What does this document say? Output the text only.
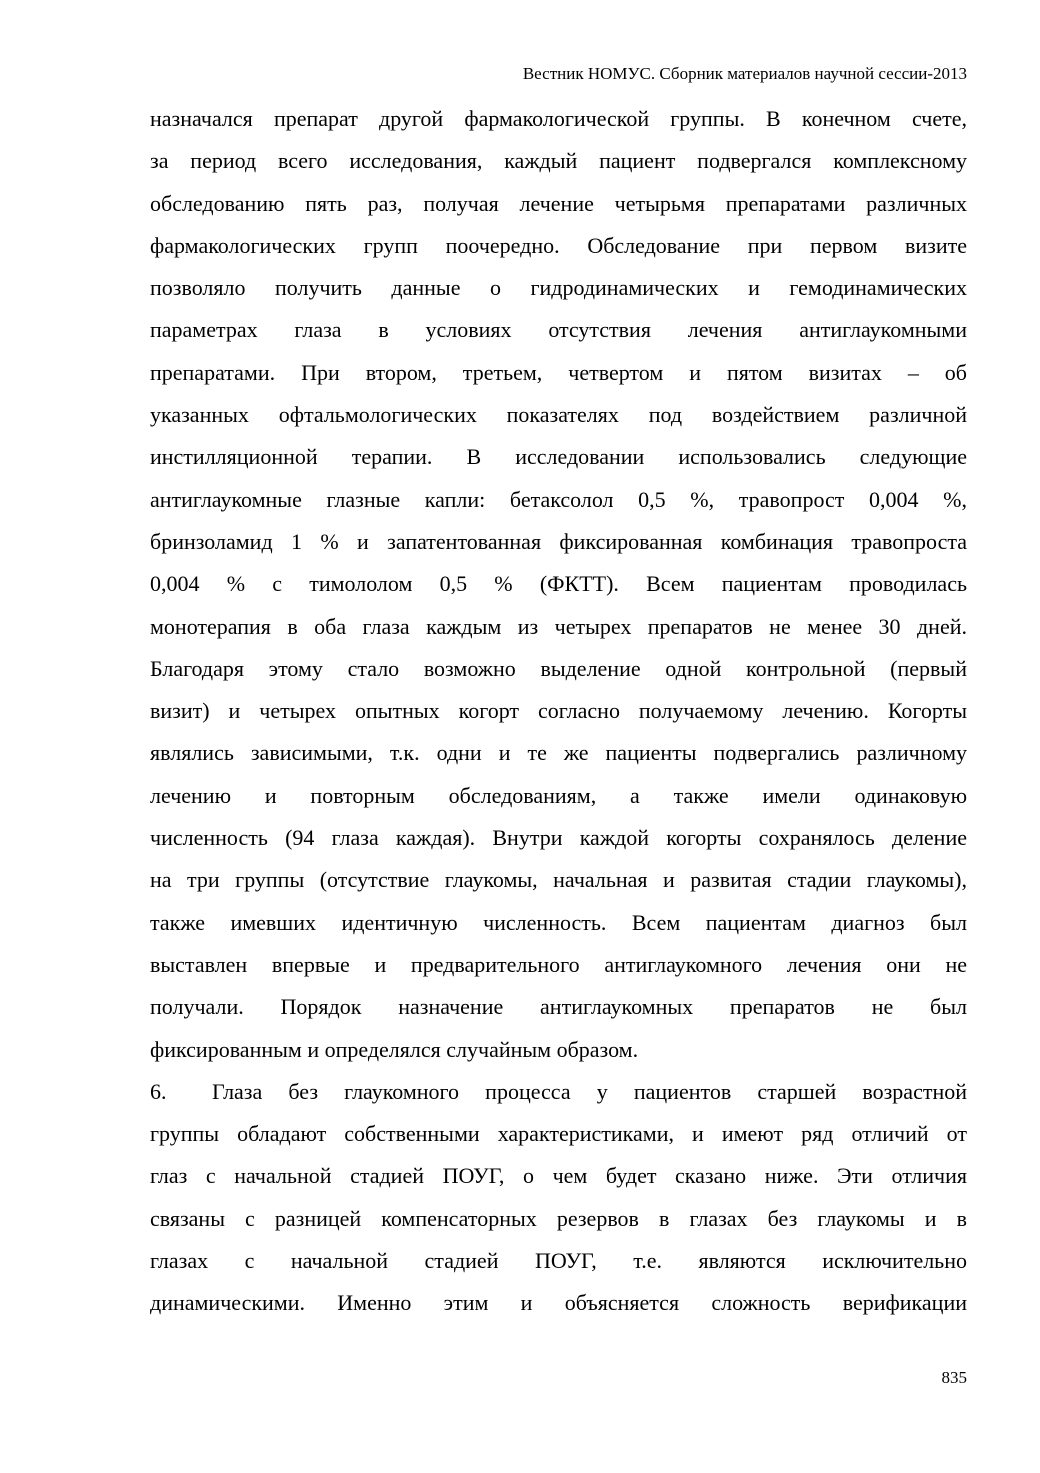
Вестник НОМУС. Сборник материалов научной сессии-2013
назначался препарат другой фармакологической группы. В конечном счете,
за период всего исследования, каждый пациент подвергался комплексному
обследованию пять раз, получая лечение четырьмя препаратами различных
фармакологических групп поочередно. Обследование при первом визите
позволяло получить данные о гидродинамических и гемодинамических
параметрах глаза в условиях отсутствия лечения антиглаукомными
препаратами. При втором, третьем, четвертом и пятом визитах – об
указанных офтальмологических показателях под воздействием различной
инстилляционной терапии. В исследовании использовались следующие
антиглаукомные глазные капли: бетаксолол 0,5 %, травопрост 0,004 %,
бринзоламид 1 % и запатентованная фиксированная комбинация травопроста
0,004 % с тимололом 0,5 % (ФКТТ). Всем пациентам проводилась
монотерапия в оба глаза каждым из четырех препаратов не менее 30 дней.
Благодаря этому стало возможно выделение одной контрольной (первый
визит) и четырех опытных когорт согласно получаемому лечению. Когорты
являлись зависимыми, т.к. одни и те же пациенты подвергались различному
лечению и повторным обследованиям, а также имели одинаковую
численность (94 глаза каждая). Внутри каждой когорты сохранялось деление
на три группы (отсутствие глаукомы, начальная и развитая стадии глаукомы),
также имевших идентичную численность. Всем пациентам диагноз был
выставлен впервые и предварительного антиглаукомного лечения они не
получали. Порядок назначение антиглаукомных препаратов не был
фиксированным и определялся случайным образом.
6. Глаза без глаукомного процесса у пациентов старшей возрастной
группы обладают собственными характеристиками, и имеют ряд отличий от
глаз с начальной стадией ПОУГ, о чем будет сказано ниже. Эти отличия
связаны с разницей компенсаторных резервов в глазах без глаукомы и в
глазах с начальной стадией ПОУГ, т.е. являются исключительно
динамическими. Именно этим и объясняется сложность верификации
835
